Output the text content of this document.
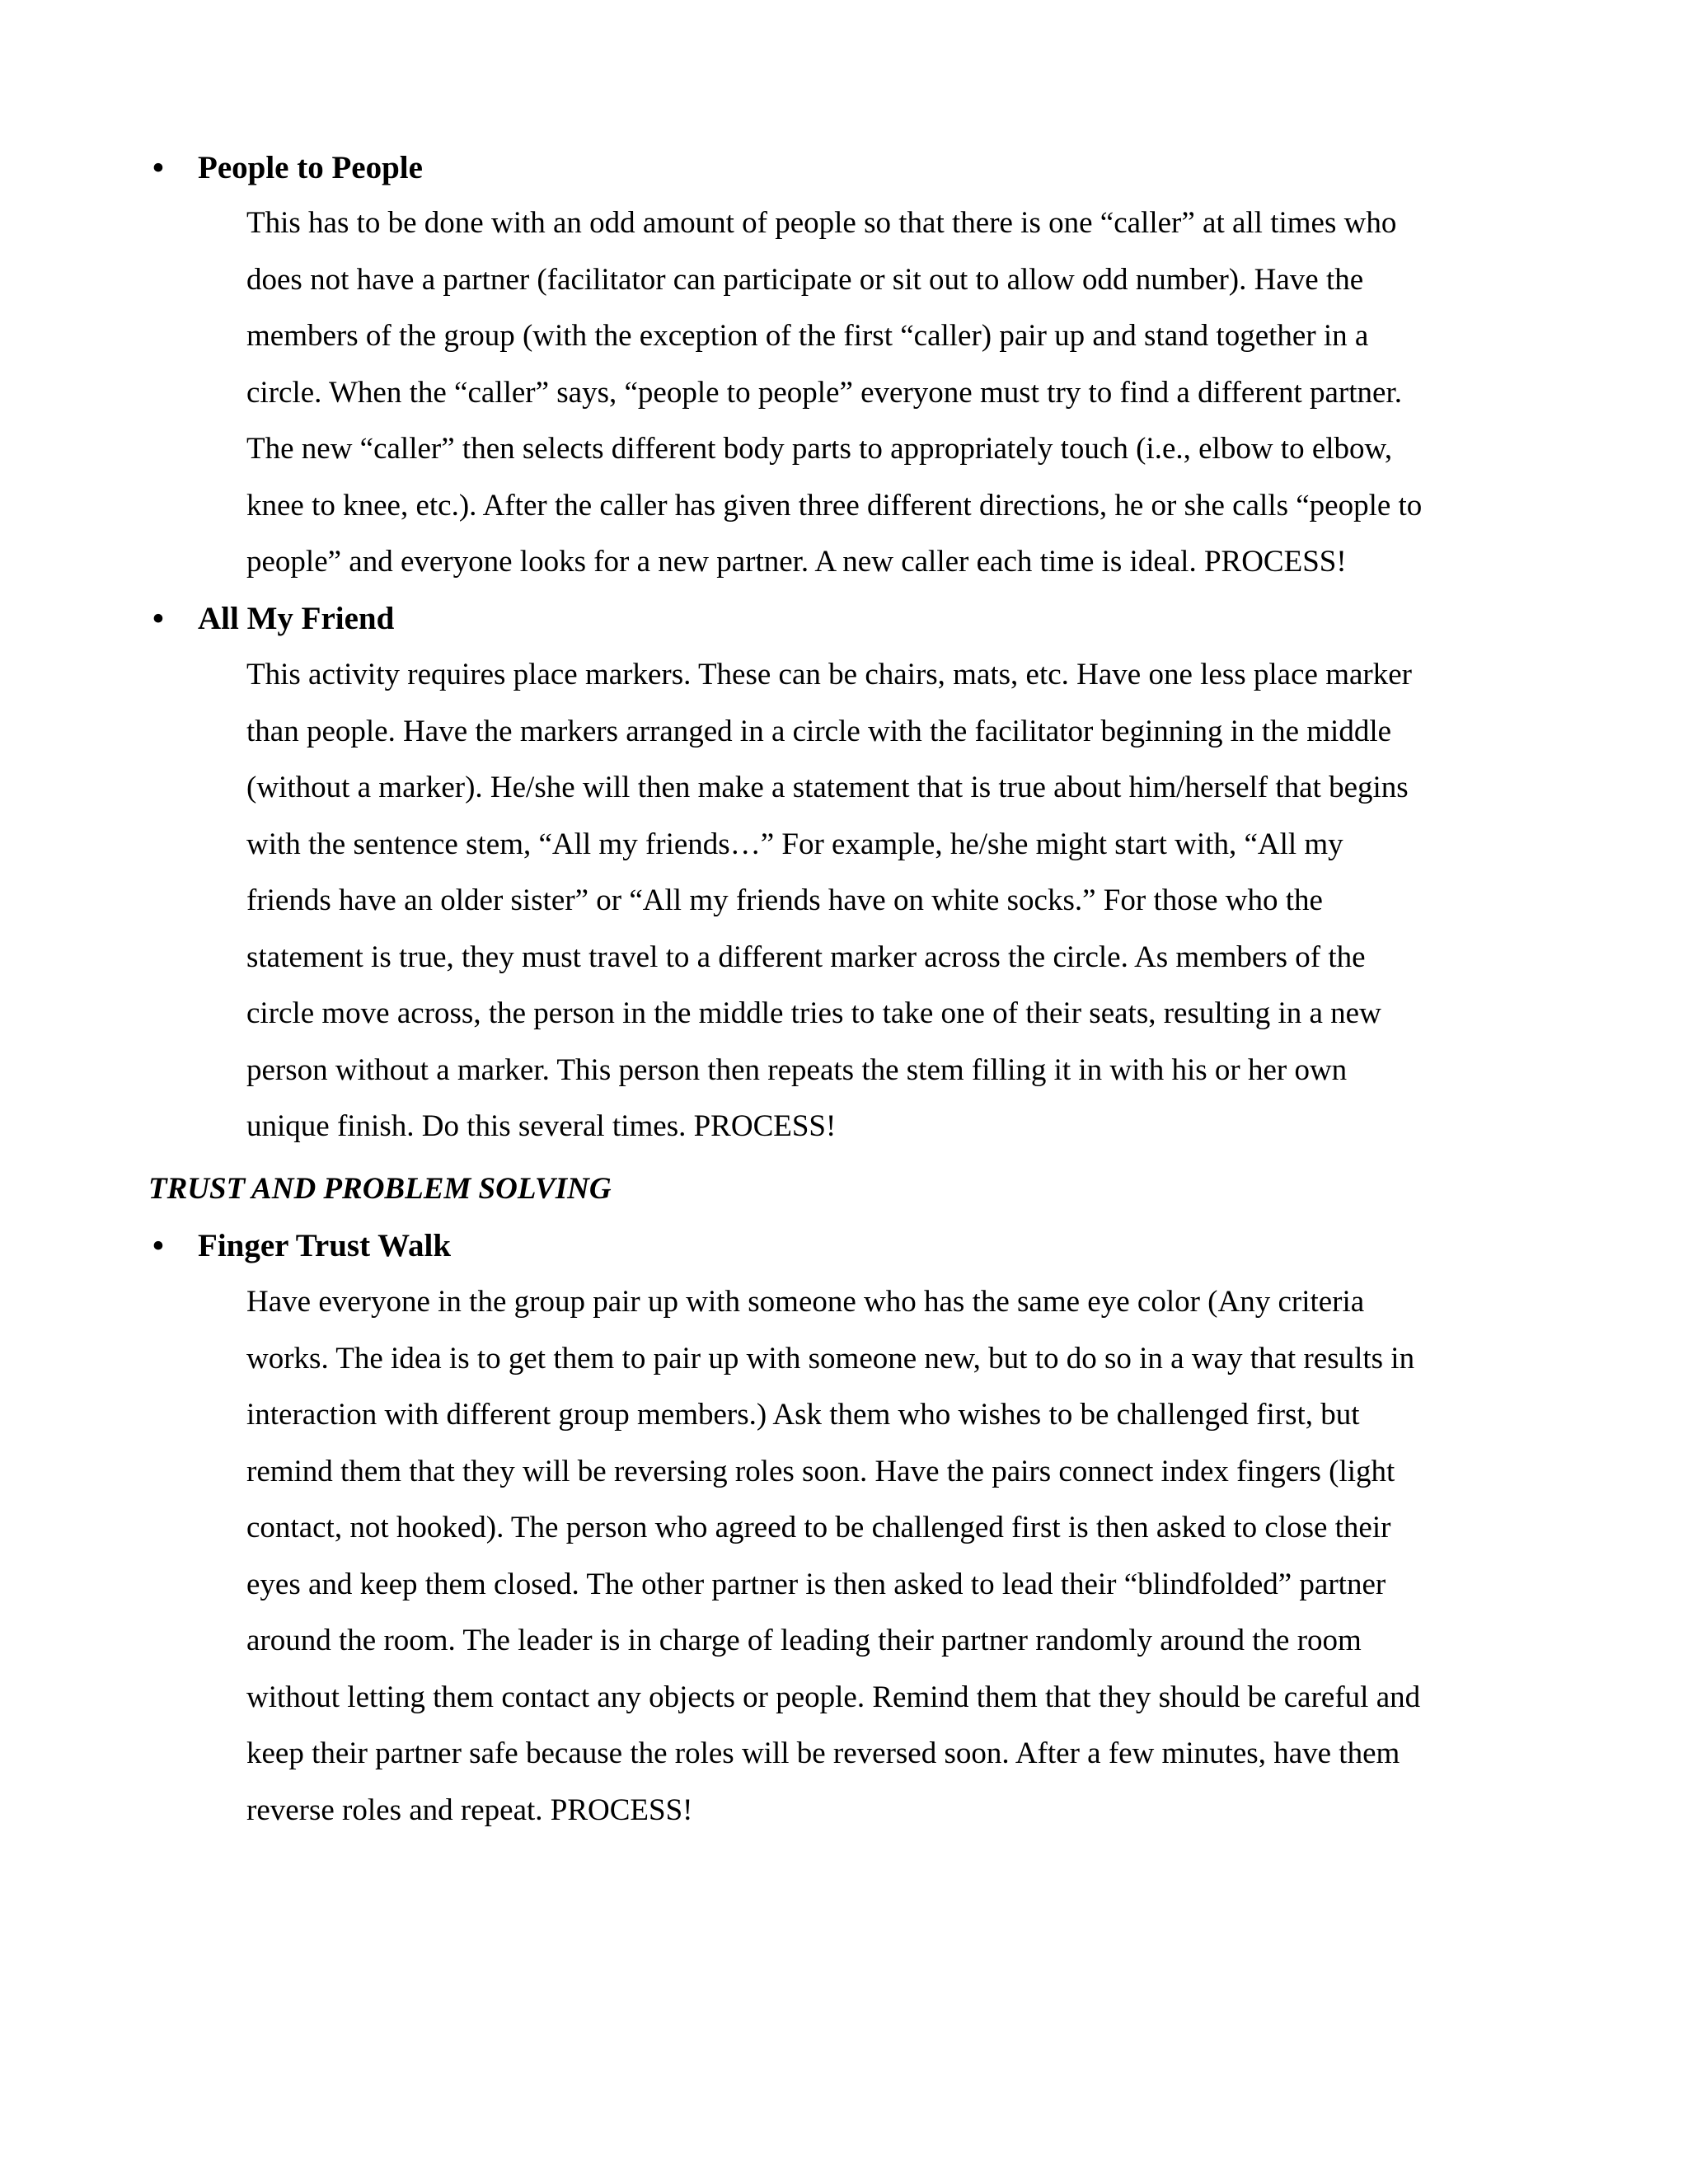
•	People to People
This has to be done with an odd amount of people so that there is one “caller” at all times who
does not have a partner (facilitator can participate or sit out to allow odd number). Have the
members of the group (with the exception of the first “caller) pair up and stand together in a
circle. When the “caller” says, “people to people” everyone must try to find a different partner.
The new “caller” then selects different body parts to appropriately touch (i.e., elbow to elbow,
knee to knee, etc.). After the caller has given three different directions, he or she calls “people to
people” and everyone looks for a new partner. A new caller each time is ideal. PROCESS!
•	All My Friend
This activity requires place markers. These can be chairs, mats, etc. Have one less place marker
than people. Have the markers arranged in a circle with the facilitator beginning in the middle
(without a marker). He/she will then make a statement that is true about him/herself that begins
with the sentence stem, “All my friends…” For example, he/she might start with, “All my
friends have an older sister” or “All my friends have on white socks.” For those who the
statement is true, they must travel to a different marker across the circle. As members of the
circle move across, the person in the middle tries to take one of their seats, resulting in a new
person without a marker. This person then repeats the stem filling it in with his or her own
unique finish. Do this several times. PROCESS!
TRUST AND PROBLEM SOLVING
•	Finger Trust Walk
Have everyone in the group pair up with someone who has the same eye color (Any criteria
works. The idea is to get them to pair up with someone new, but to do so in a way that results in
interaction with different group members.) Ask them who wishes to be challenged first, but
remind them that they will be reversing roles soon. Have the pairs connect index fingers (light
contact, not hooked). The person who agreed to be challenged first is then asked to close their
eyes and keep them closed. The other partner is then asked to lead their “blindfolded” partner
around the room. The leader is in charge of leading their partner randomly around the room
without letting them contact any objects or people. Remind them that they should be careful and
keep their partner safe because the roles will be reversed soon. After a few minutes, have them
reverse roles and repeat. PROCESS!
